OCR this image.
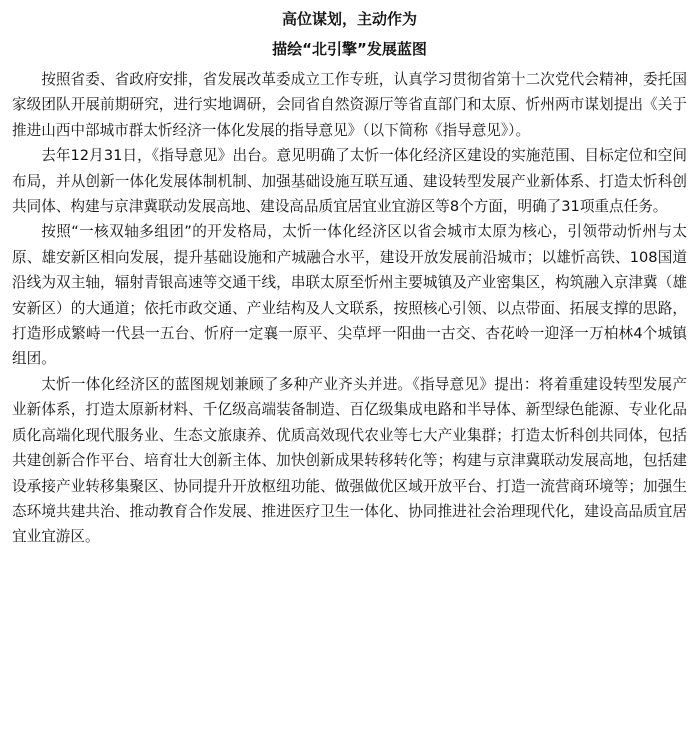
高位谋划，主动作为
描绘“北引擎”发展蓝图

按照省委、省政府安排，省发展改革委成立工作专班，认真学习贯彻省第十二次党代会精神，委托国家级团队开展前期研究，进行实地调研，会同省自然资源厅等省直部门和太原、忻州两市谋划提出《关于推进山西中部城市群太忻经济一体化发展的指导意见》（以下简称《指导意见》）。

去年12月31日，《指导意见》出台。意见明确了太忻一体化经济区建设的实施范围、目标定位和空间布局，并从创新一体化发展体制机制、加强基础设施互联互通、建设转型发展产业新体系、打造太忻科创共同体、构建与京津冀联动发展高地、建设高品质宜居宜业宜游区等8个方面，明确了31项重点任务。

按照“一核双轴多组团”的开发格局，太忻一体化经济区以省会城市太原为核心，引领带动忻州与太原、雄安新区相向发展，提升基础设施和产城融合水平，建设开放发展前沿城市；以雄忻高铁、108国道沿线为双主轴，辐射青银高速等交通干线，串联太原至忻州主要城镇及产业密集区，构筑融入京津冀（雄安新区）的大通道；依托市政交通、产业结构及人文联系，按照核心引领、以点带面、拓展支撑的思路，打造形成繁峙一代县一五台、忻府一定襄一原平、尖草坪一阳曲一古交、杏花岭一迎泽一万柏林4个城镇组团。

太忻一体化经济区的蓝图规划兼顾了多种产业齐头并进。《指导意见》提出：将着重建设转型发展产业新体系，打造太原新材料、千亿级高端装备制造、百亿级集成电路和半导体、新型绿色能源、专业化品质化高端化现代服务业、生态文旅康养、优质高效现代农业等七大产业集群；打造太忻科创共同体，包括共建创新合作平台、培育壮大创新主体、加快创新成果转移转化等；构建与京津冀联动发展高地，包括建设承接产业转移集聚区、协同提升开放枢纽功能、做强做优区域开放平台、打造一流营商环境等；加强生态环境共建共治、推动教育合作发展、推进医疗卫生一体化、协同推进社会治理现代化，建设高品质宜居宜业宜游区。
